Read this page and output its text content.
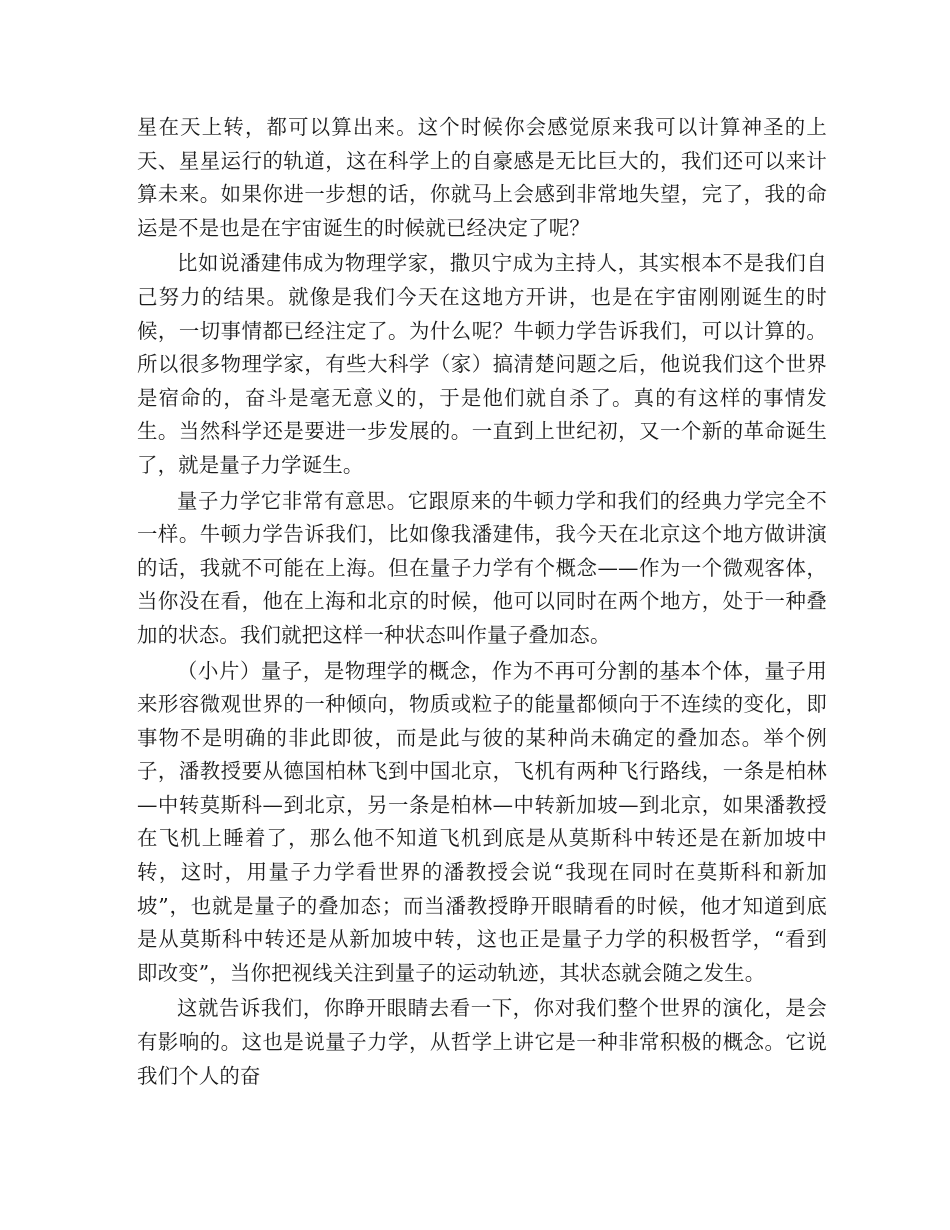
星在天上转，都可以算出来。这个时候你会感觉原来我可以计算神圣的上天、星星运行的轨道，这在科学上的自豪感是无比巨大的，我们还可以来计算未来。如果你进一步想的话，你就马上会感到非常地失望，完了，我的命运是不是也是在宇宙诞生的时候就已经决定了呢？

比如说潘建伟成为物理学家，撒贝宁成为主持人，其实根本不是我们自己努力的结果。就像是我们今天在这地方开讲，也是在宇宙刚刚诞生的时候，一切事情都已经注定了。为什么呢？牛顿力学告诉我们，可以计算的。所以很多物理学家，有些大科学（家）搞清楚问题之后，他说我们这个世界是宿命的，奋斗是毫无意义的，于是他们就自杀了。真的有这样的事情发生。当然科学还是要进一步发展的。一直到上世纪初，又一个新的革命诞生了，就是量子力学诞生。

量子力学它非常有意思。它跟原来的牛顿力学和我们的经典力学完全不一样。牛顿力学告诉我们，比如像我潘建伟，我今天在北京这个地方做讲演的话，我就不可能在上海。但在量子力学有个概念——作为一个微观客体，当你没在看，他在上海和北京的时候，他可以同时在两个地方，处于一种叠加的状态。我们就把这样一种状态叫作量子叠加态。

（小片）量子，是物理学的概念，作为不再可分割的基本个体，量子用来形容微观世界的一种倾向，物质或粒子的能量都倾向于不连续的变化，即事物不是明确的非此即彼，而是此与彼的某种尚未确定的叠加态。举个例子，潘教授要从德国柏林飞到中国北京，飞机有两种飞行路线，一条是柏林—中转莫斯科—到北京，另一条是柏林—中转新加坡—到北京，如果潘教授在飞机上睡着了，那么他不知道飞机到底是从莫斯科中转还是在新加坡中转，这时，用量子力学看世界的潘教授会说“我现在同时在莫斯科和新加坡”，也就是量子的叠加态；而当潘教授睁开眼睛看的时候，他才知道到底是从莫斯科中转还是从新加坡中转，这也正是量子力学的积极哲学，“看到即改变”，当你把视线关注到量子的运动轨迹，其状态就会随之发生。

这就告诉我们，你睁开眼睛去看一下，你对我们整个世界的演化，是会有影响的。这也是说量子力学，从哲学上讲它是一种非常积极的概念。它说我们个人的奋
